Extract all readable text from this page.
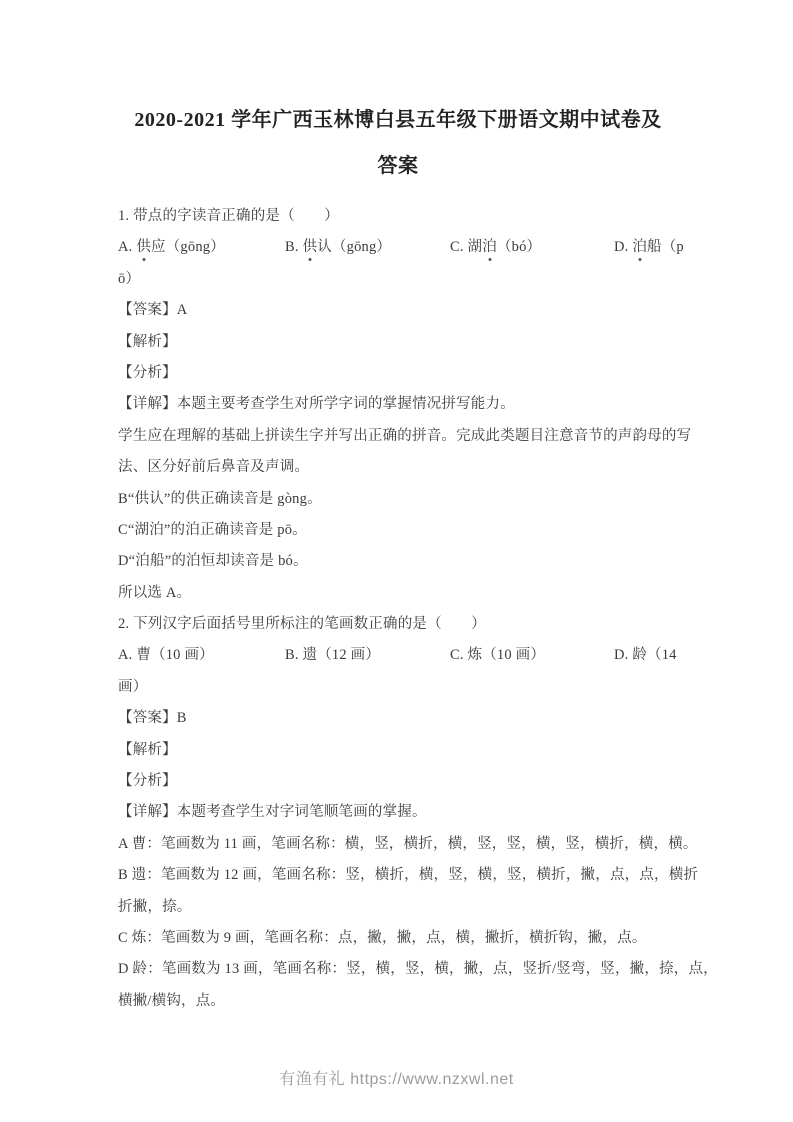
2020-2021 学年广西玉林博白县五年级下册语文期中试卷及
答案
1. 带点的字读音正确的是（　　）
A. 供应（gōng）	B. 供认（gōng）	C. 湖泊（bó）	D. 泊船（p
ō）
【答案】A
【解析】
【分析】
【详解】本题主要考查学生对所学字词的掌握情况拼写能力。
学生应在理解的基础上拼读生字并写出正确的拼音。完成此类题目注意音节的声韵母的写
法、区分好前后鼻音及声调。
B“供认”的供正确读音是 gòng。
C“湖泊”的泊正确读音是 pō。
D“泊船”的泊恒却读音是 bó。
所以选 A。
2. 下列汉字后面括号里所标注的笔画数正确的是（　　）
A. 曹（10 画）	B. 遗（12 画）	C. 炼（10 画）	D. 龄（14
画）
【答案】B
【解析】
【分析】
【详解】本题考查学生对字词笔顺笔画的掌握。
A 曹：笔画数为 11 画，笔画名称：横，竖，横折，横，竖，竖，横，竖，横折，横，横。
B 遗：笔画数为 12 画，笔画名称：竖，横折，横，竖，横，竖，横折，撇，点，点，横折
折撇，捺。
C 炼：笔画数为 9 画，笔画名称：点，撇，撇，点，横，撇折，横折钩，撇，点。
D 龄：笔画数为 13 画，笔画名称：竖，横，竖，横，撇，点，竖折/竖弯，竖，撇，捺，点，
横撇/横钩，点。
有渔有礼 https://www.nzxwl.net
